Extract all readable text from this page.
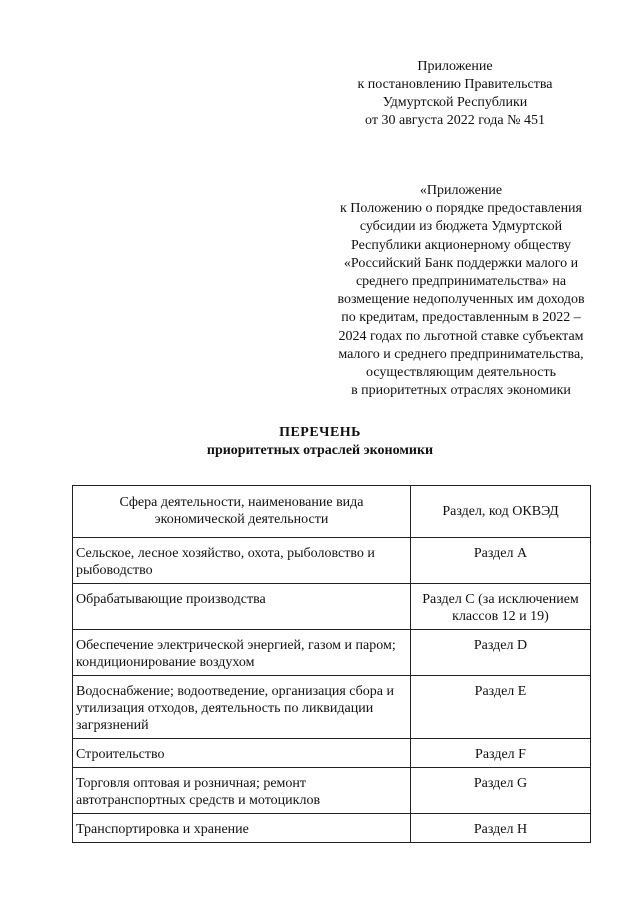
Приложение
к постановлению Правительства
Удмуртской Республики
от 30 августа 2022 года № 451
«Приложение
к Положению о порядке предоставления
субсидии из бюджета Удмуртской
Республики акционерному обществу
«Российский Банк поддержки малого и
среднего предпринимательства» на
возмещение недополученных им доходов
по кредитам, предоставленным в 2022 –
2024 годах по льготной ставке субъектам
малого и среднего предпринимательства,
осуществляющим деятельность
в приоритетных отраслях экономики
ПЕРЕЧЕНЬ
приоритетных отраслей экономики
Сфера деятельности, наименование вида экономической деятельности	Раздел, код ОКВЭД
Сельское, лесное хозяйство, охота, рыболовство и рыбоводство	Раздел A
Обрабатывающие производства	Раздел C (за исключением классов 12 и 19)
Обеспечение электрической энергией, газом и паром; кондиционирование воздухом	Раздел D
Водоснабжение; водоотведение, организация сбора и утилизация отходов, деятельность по ликвидации загрязнений	Раздел E
Строительство	Раздел F
Торговля оптовая и розничная; ремонт автотранспортных средств и мотоциклов	Раздел G
Транспортировка и хранение	Раздел H
